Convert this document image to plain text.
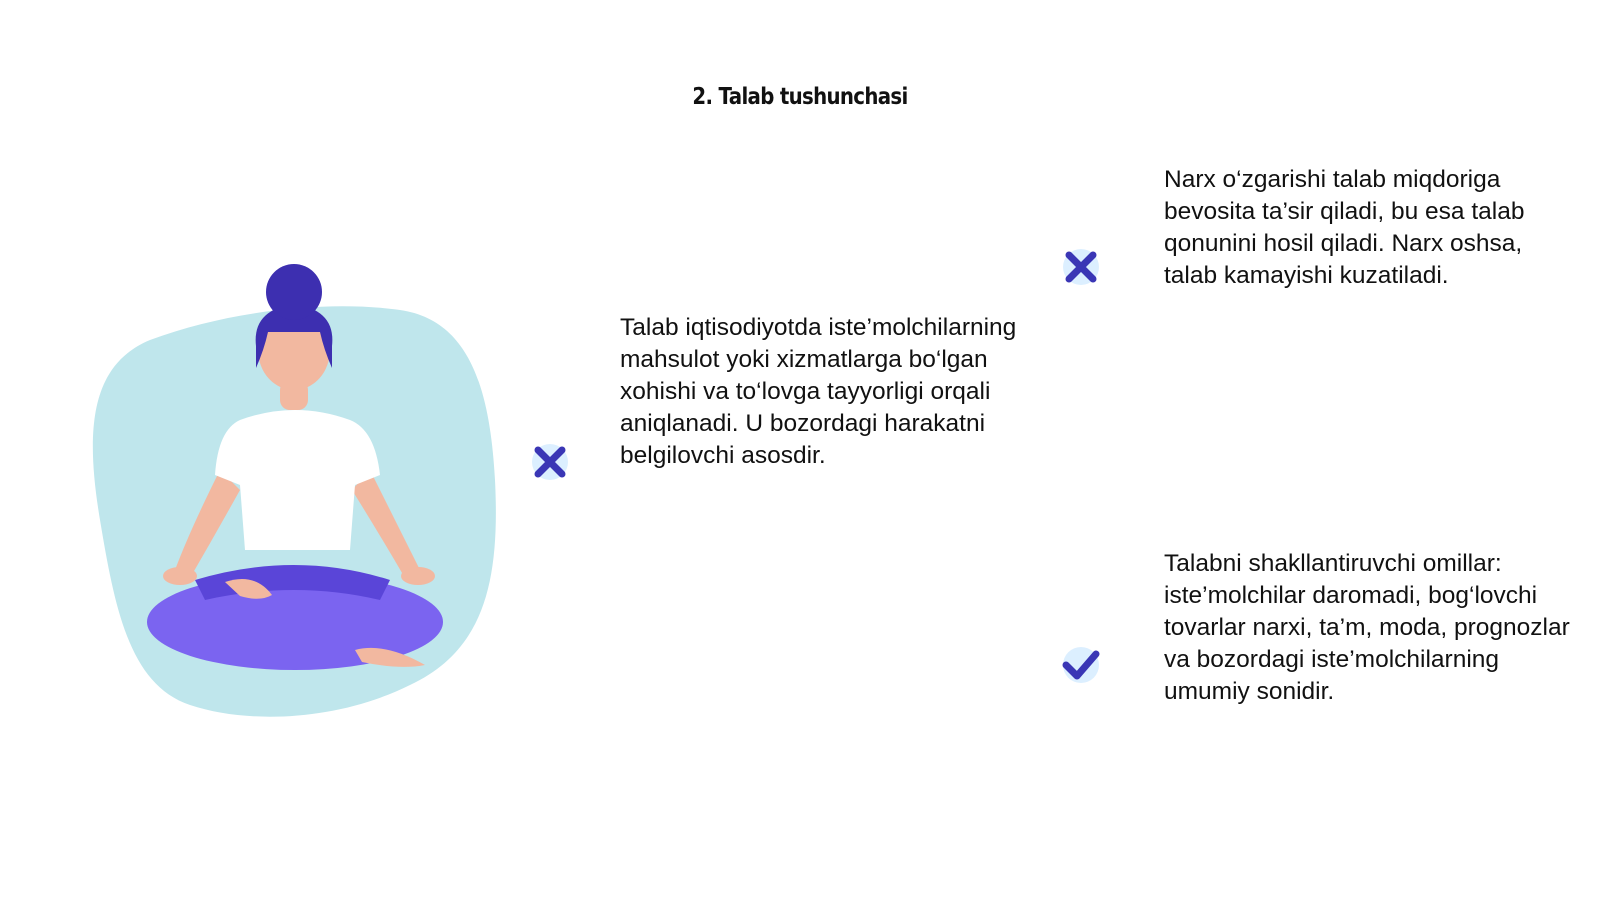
2. Talab tushunchasi

Talab iqtisodiyotda iste’molchilarning mahsulot yoki xizmatlarga bo‘lgan xohishi va to‘lovga tayyorligi orqali aniqlanadi. U bozordagi harakatni belgilovchi asosdir.

Narx o‘zgarishi talab miqdoriga bevosita ta’sir qiladi, bu esa talab qonunini hosil qiladi. Narx oshsa, talab kamayishi kuzatiladi.

Talabni shakllantiruvchi omillar: iste’molchilar daromadi, bog‘lovchi tovarlar narxi, ta’m, moda, prognozlar va bozordagi iste’molchilarning umumiy sonidir.
